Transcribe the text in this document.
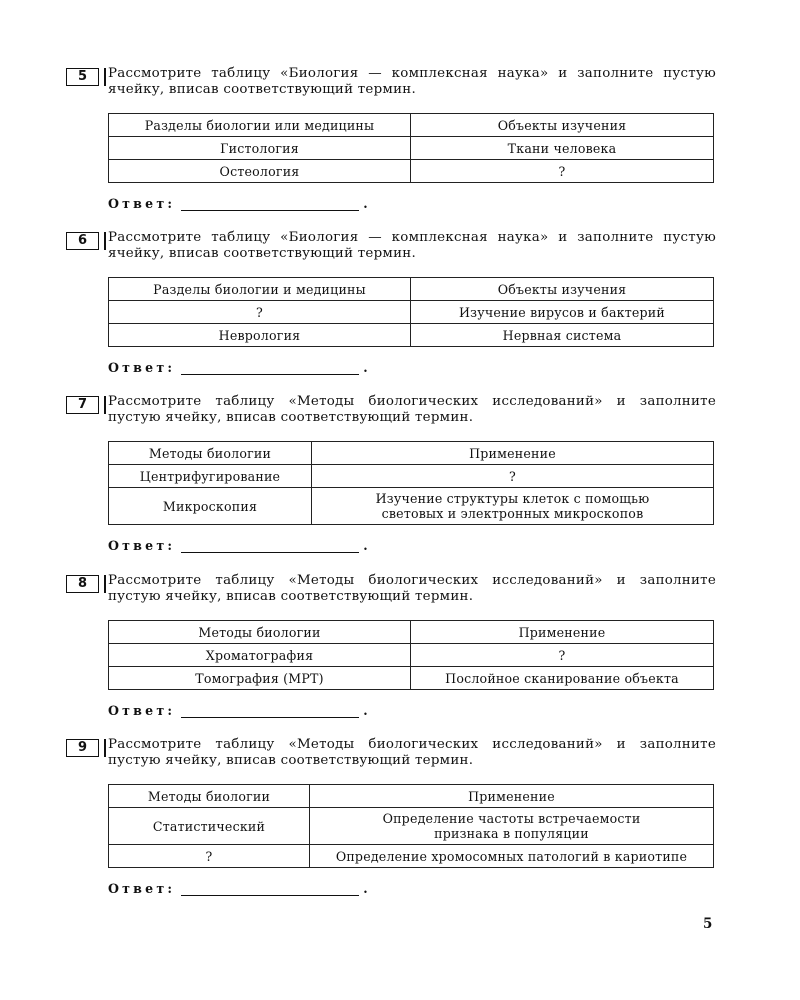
5	Рассмотрите таблицу «Биология — комплексная наука» и заполните пустую ячейку, вписав соответствующий термин.
Разделы биологии или медицины	Объекты изучения
Гистология	Ткани человека
Остеология	?
Ответ:	.
6	Рассмотрите таблицу «Биология — комплексная наука» и заполните пустую ячейку, вписав соответствующий термин.
Разделы биологии и медицины	Объекты изучения
?	Изучение вирусов и бактерий
Неврология	Нервная система
Ответ:	.
7	Рассмотрите таблицу «Методы биологических исследований» и заполните пустую ячейку, вписав соответствующий термин.
Методы биологии	Применение
Центрифугирование	?
Микроскопия	Изучение структуры клеток с помощью световых и электронных микроскопов
Ответ:	.
8	Рассмотрите таблицу «Методы биологических исследований» и заполните пустую ячейку, вписав соответствующий термин.
Методы биологии	Применение
Хроматография	?
Томография (МРТ)	Послойное сканирование объекта
Ответ:	.
9	Рассмотрите таблицу «Методы биологических исследований» и заполните пустую ячейку, вписав соответствующий термин.
Методы биологии	Применение
Статистический	Определение частоты встречаемости признака в популяции
?	Определение хромосомных патологий в кариотипе
Ответ:	.
5
